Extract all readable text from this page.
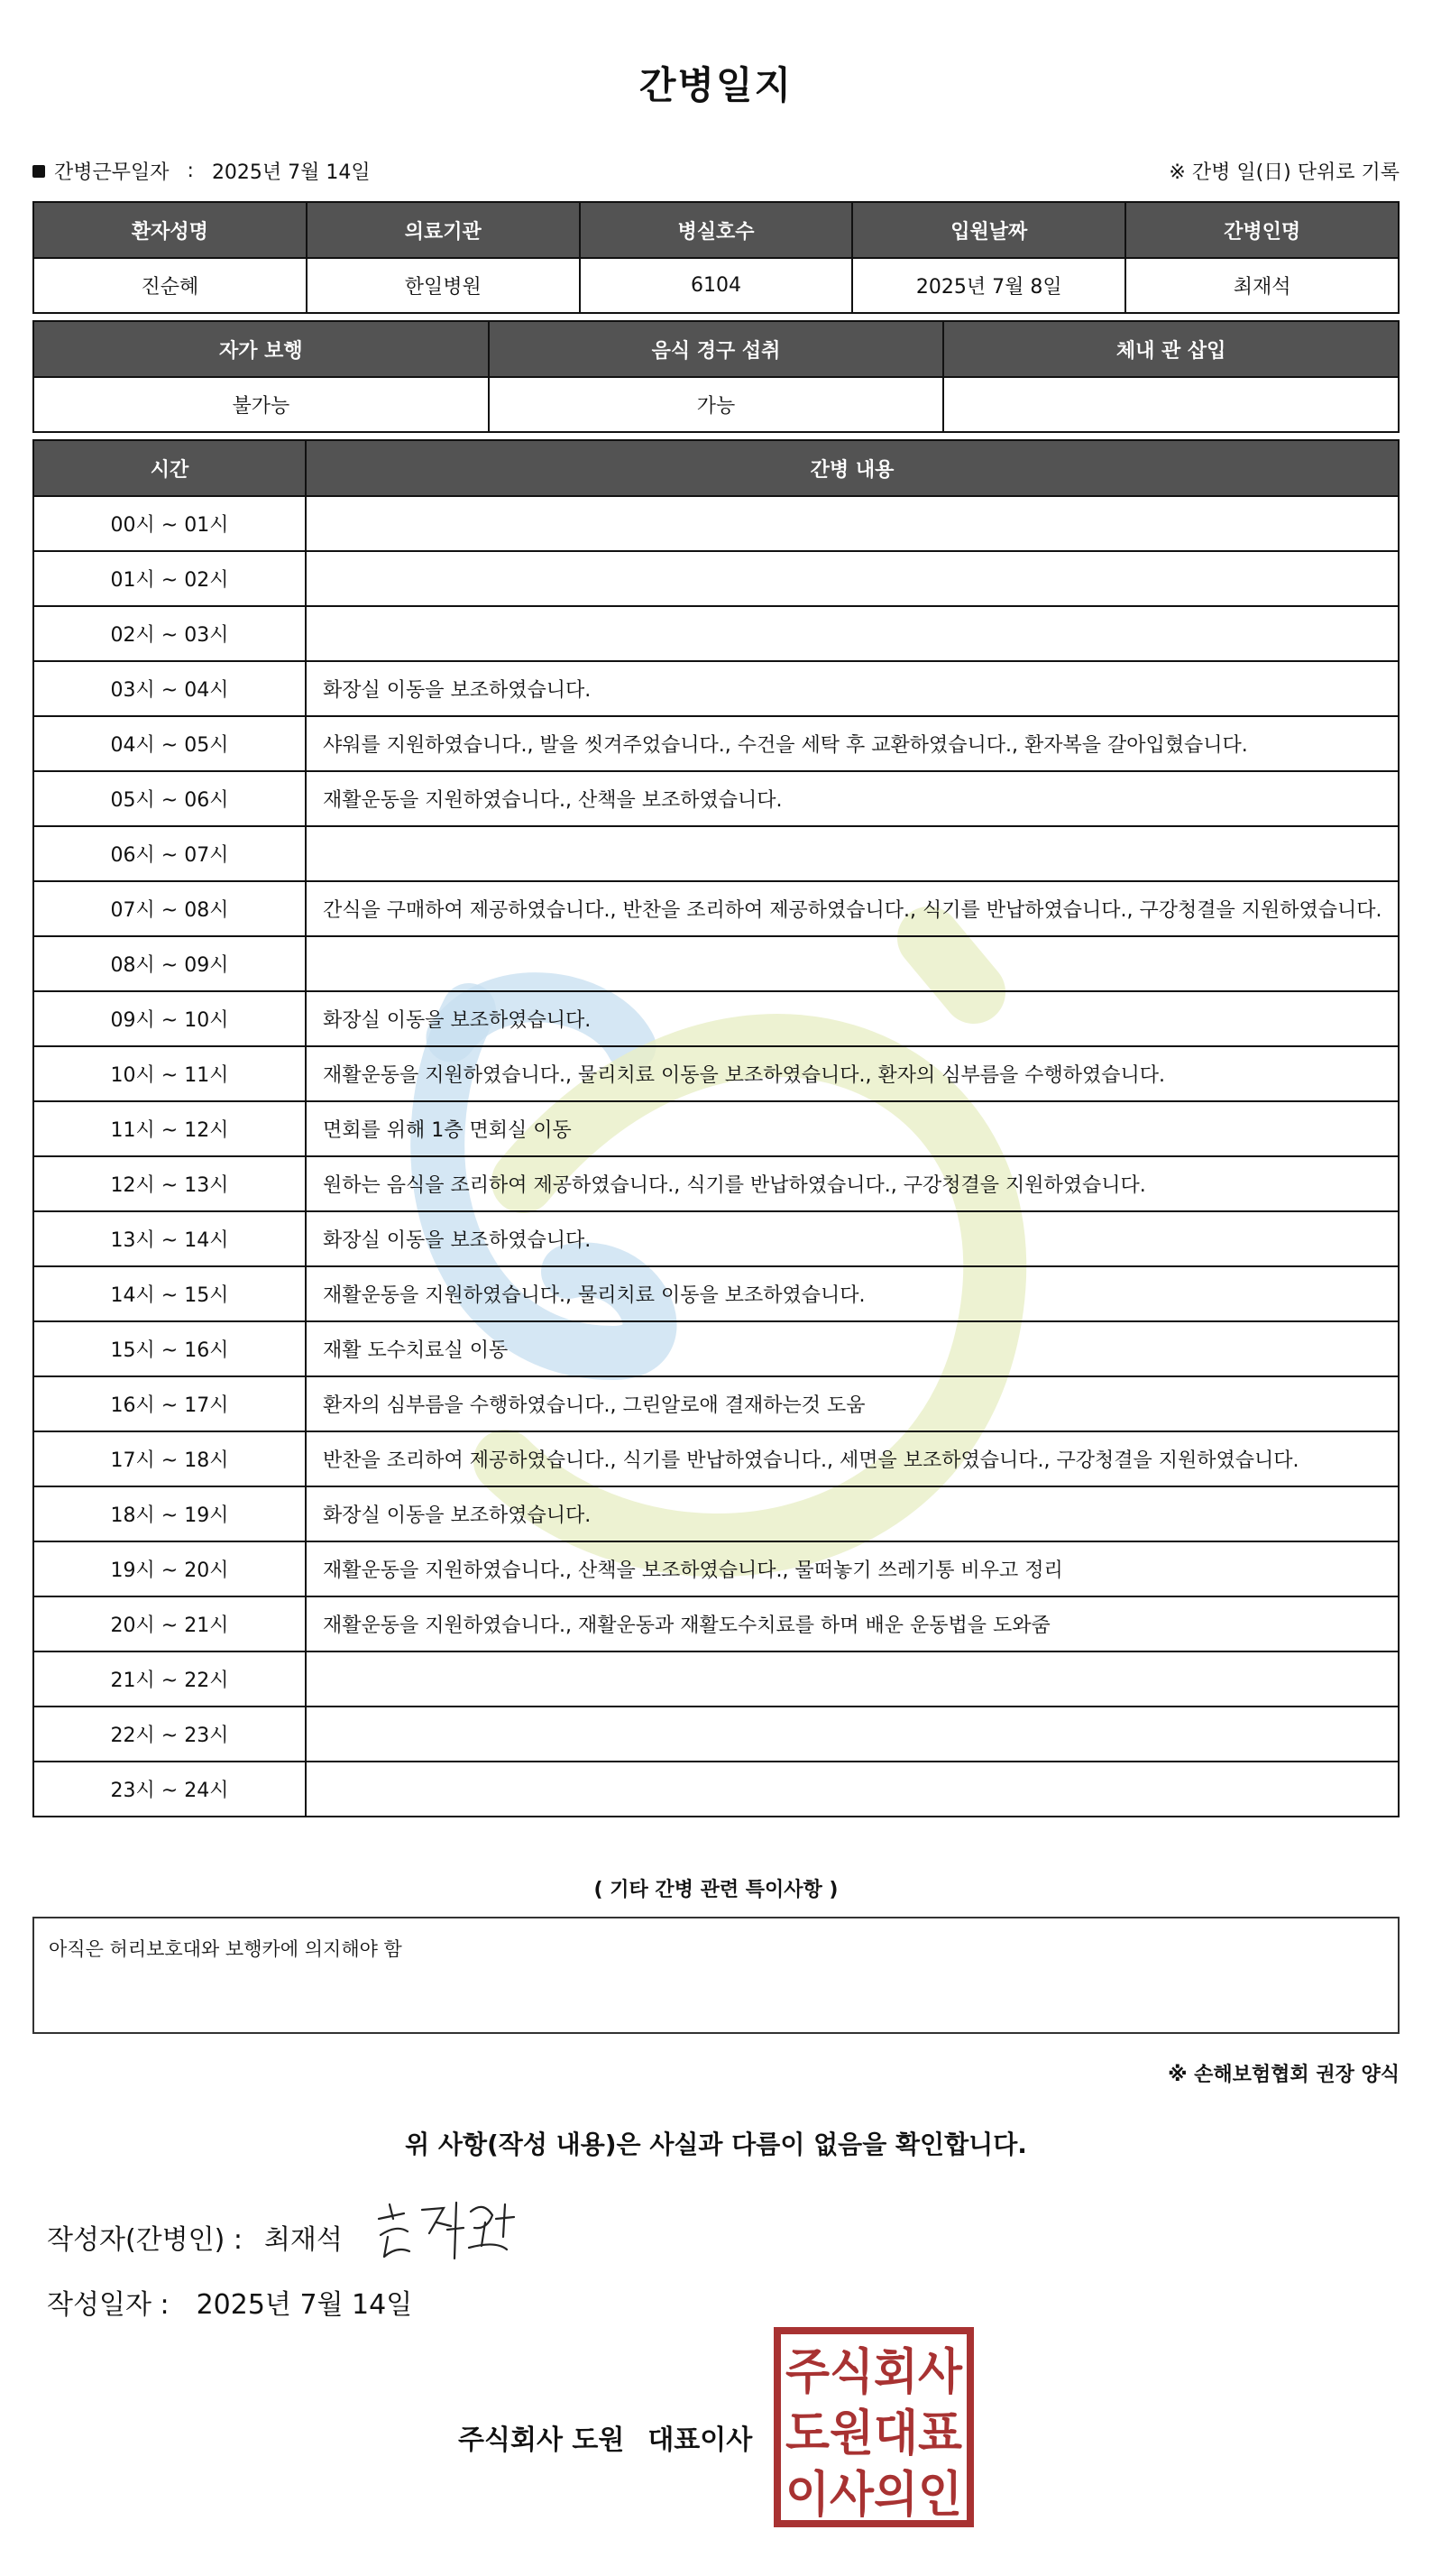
간병일지
간병근무일자 : 2025년 7월 14일	※ 간병 일(日) 단위로 기록
환자성명	의료기관	병실호수	입원날짜	간병인명
진순혜	한일병원	6104	2025년 7월 8일	최재석
자가 보행	음식 경구 섭취	체내 관 삽입
불가능	가능	
시간	간병 내용
00시 ~ 01시	
01시 ~ 02시	
02시 ~ 03시	
03시 ~ 04시	화장실 이동을 보조하였습니다.
04시 ~ 05시	샤워를 지원하였습니다., 발을 씻겨주었습니다., 수건을 세탁 후 교환하였습니다., 환자복을 갈아입혔습니다.
05시 ~ 06시	재활운동을 지원하였습니다., 산책을 보조하였습니다.
06시 ~ 07시	
07시 ~ 08시	간식을 구매하여 제공하였습니다., 반찬을 조리하여 제공하였습니다., 식기를 반납하였습니다., 구강청결을 지원하였습니다.
08시 ~ 09시	
09시 ~ 10시	화장실 이동을 보조하였습니다.
10시 ~ 11시	재활운동을 지원하였습니다., 물리치료 이동을 보조하였습니다., 환자의 심부름을 수행하였습니다.
11시 ~ 12시	면회를 위해 1층 면회실 이동
12시 ~ 13시	원하는 음식을 조리하여 제공하였습니다., 식기를 반납하였습니다., 구강청결을 지원하였습니다.
13시 ~ 14시	화장실 이동을 보조하였습니다.
14시 ~ 15시	재활운동을 지원하였습니다., 물리치료 이동을 보조하였습니다.
15시 ~ 16시	재활 도수치료실 이동
16시 ~ 17시	환자의 심부름을 수행하였습니다., 그린알로애 결재하는것 도움
17시 ~ 18시	반찬을 조리하여 제공하였습니다., 식기를 반납하였습니다., 세면을 보조하였습니다., 구강청결을 지원하였습니다.
18시 ~ 19시	화장실 이동을 보조하였습니다.
19시 ~ 20시	재활운동을 지원하였습니다., 산책을 보조하였습니다., 물떠놓기 쓰레기통 비우고 정리
20시 ~ 21시	재활운동을 지원하였습니다., 재활운동과 재활도수치료를 하며 배운 운동법을 도와줌
21시 ~ 22시	
22시 ~ 23시	
23시 ~ 24시	
( 기타 간병 관련 특이사항 )
아직은 허리보호대와 보행카에 의지해야 함
※ 손해보험협회 권장 양식
위 사항(작성 내용)은 사실과 다름이 없음을 확인합니다.
작성자(간병인) : 최재석
작성일자 : 2025년 7월 14일
주식회사 도원 대표이사
주식회사
도원대표
이사의인
